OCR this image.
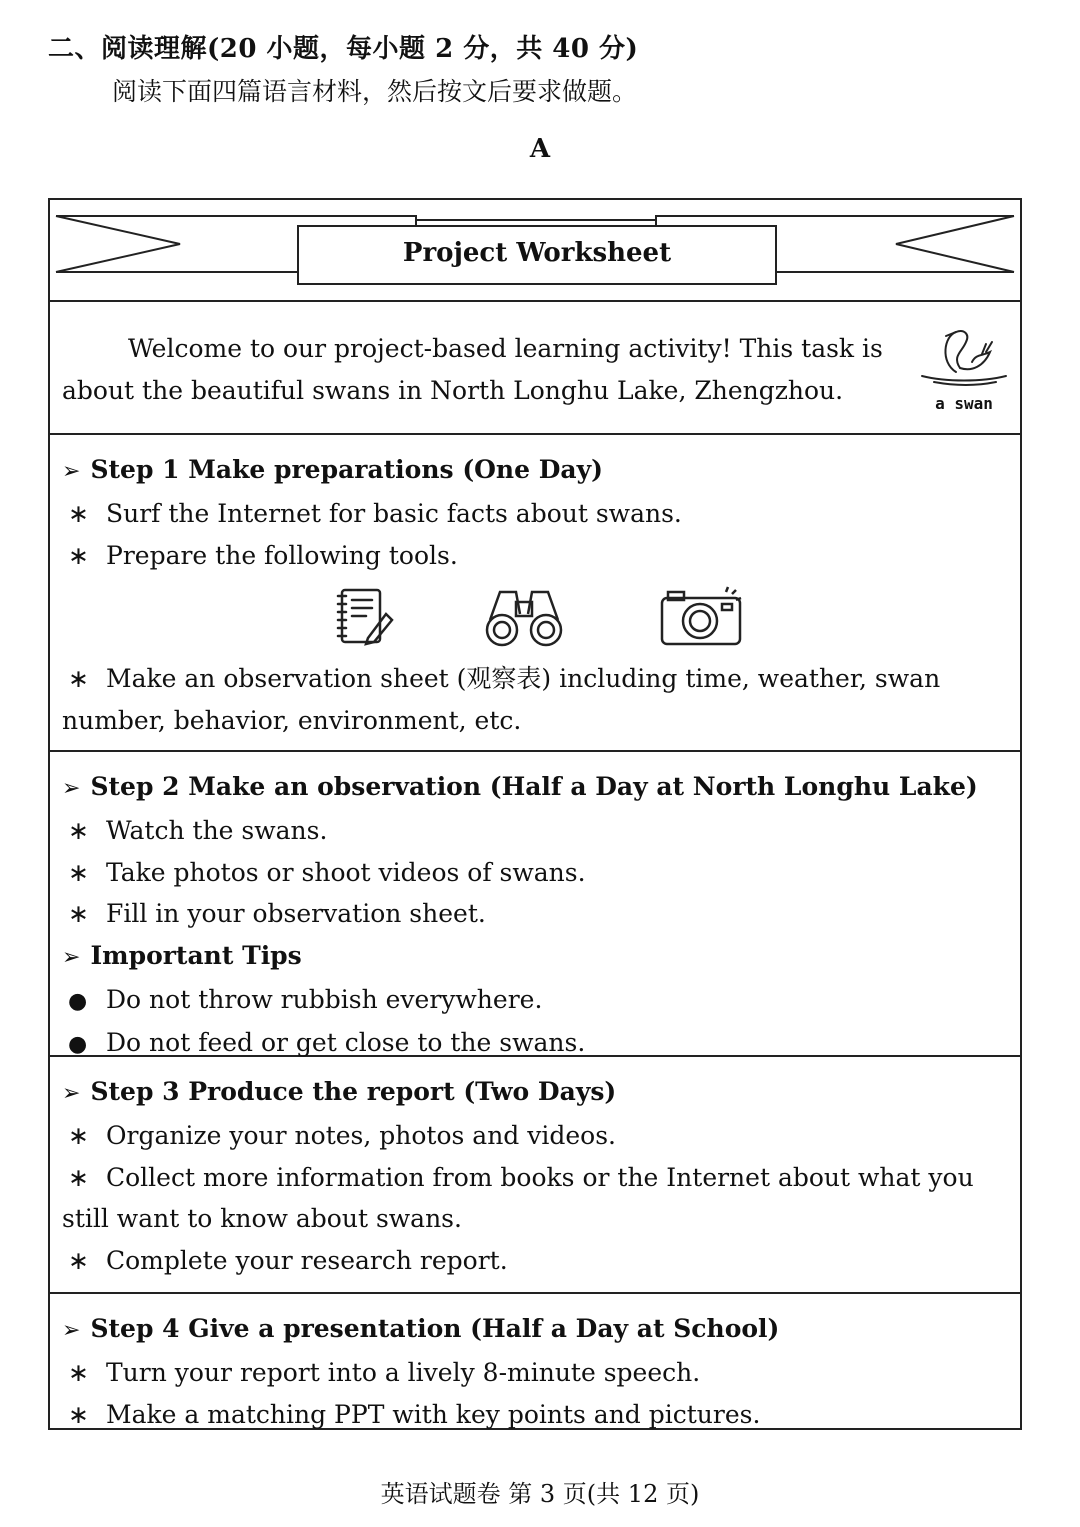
二、阅读理解(20 小题，每小题 2 分，共 40 分)
阅读下面四篇语言材料，然后按文后要求做题。
A
Project Worksheet
Welcome to our project-based learning activity! This task is about the beautiful swans in North Longhu Lake, Zhengzhou.	a swan
➢ Step 1 Make preparations (One Day)
∗ Surf the Internet for basic facts about swans.
∗ Prepare the following tools.
∗ Make an observation sheet (观察表) including time, weather, swan number, behavior, environment, etc.
➢ Step 2 Make an observation (Half a Day at North Longhu Lake)
∗ Watch the swans.
∗ Take photos or shoot videos of swans.
∗ Fill in your observation sheet.
➢ Important Tips
● Do not throw rubbish everywhere.
● Do not feed or get close to the swans.
➢ Step 3 Produce the report (Two Days)
∗ Organize your notes, photos and videos.
∗ Collect more information from books or the Internet about what you still want to know about swans.
∗ Complete your research report.
➢ Step 4 Give a presentation (Half a Day at School)
∗ Turn your report into a lively 8-minute speech.
∗ Make a matching PPT with key points and pictures.
英语试题卷 第 3 页(共 12 页)
